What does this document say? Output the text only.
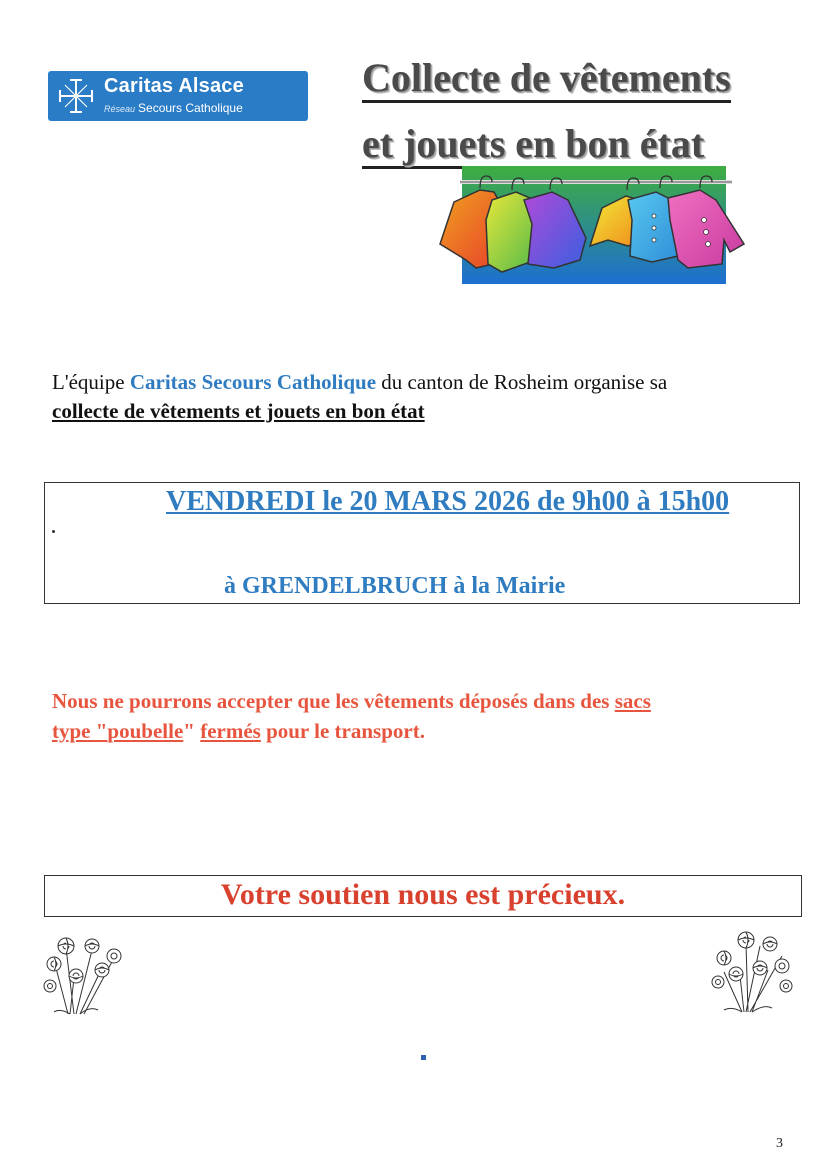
Caritas Alsace
Réseau Secours Catholique
Collecte de vêtements
et jouets en bon état
L'équipe Caritas Secours Catholique du canton de Rosheim organise sa
collecte de vêtements et jouets en bon état
VENDREDI le 20 MARS 2026 de 9h00 à 15h00
à GRENDELBRUCH à la Mairie
Nous ne pourrons accepter que les vêtements déposés dans des sacs
type "poubelle" fermés pour le transport.
Votre soutien nous est précieux.
3
